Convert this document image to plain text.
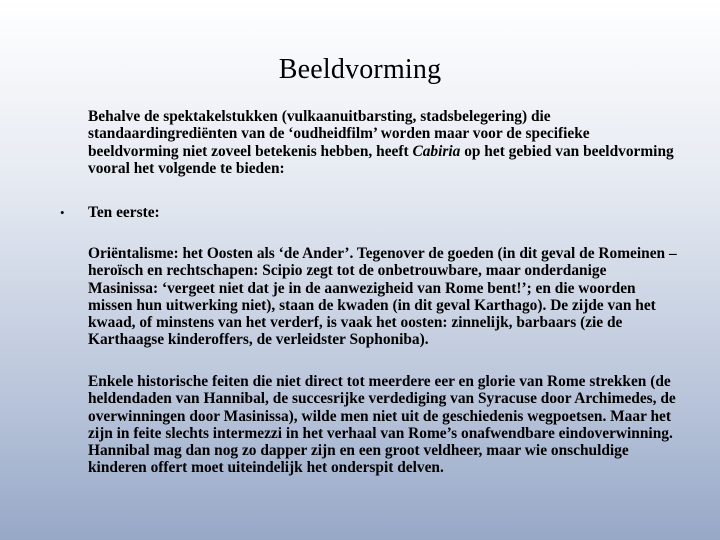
Beeldvorming

Behalve de spektakelstukken (vulkaanuitbarsting, stadsbelegering) die standaardingrediënten van de ‘oudheidfilm’ worden maar voor de specifieke beeldvorming niet zoveel betekenis hebben, heeft Cabiria op het gebied van beeldvorming vooral het volgende te bieden:

• Ten eerste:

Oriëntalisme: het Oosten als ‘de Ander’. Tegenover de goeden (in dit geval de Romeinen – heroïsch en rechtschapen: Scipio zegt tot de onbetrouwbare, maar onderdanige Masinissa: ‘vergeet niet dat je in de aanwezigheid van Rome bent!’; en die woorden missen hun uitwerking niet), staan de kwaden (in dit geval Karthago). De zijde van het kwaad, of minstens van het verderf, is vaak het oosten: zinnelijk, barbaars (zie de Karthaagse kinderoffers, de verleidster Sophoniba).

Enkele historische feiten die niet direct tot meerdere eer en glorie van Rome strekken (de heldendaden van Hannibal, de succesrijke verdediging van Syracuse door Archimedes, de overwinningen door Masinissa), wilde men niet uit de geschiedenis wegpoetsen. Maar het zijn in feite slechts intermezzi in het verhaal van Rome’s onafwendbare eindoverwinning. Hannibal mag dan nog zo dapper zijn en een groot veldheer, maar wie onschuldige kinderen offert moet uiteindelijk het onderspit delven.
